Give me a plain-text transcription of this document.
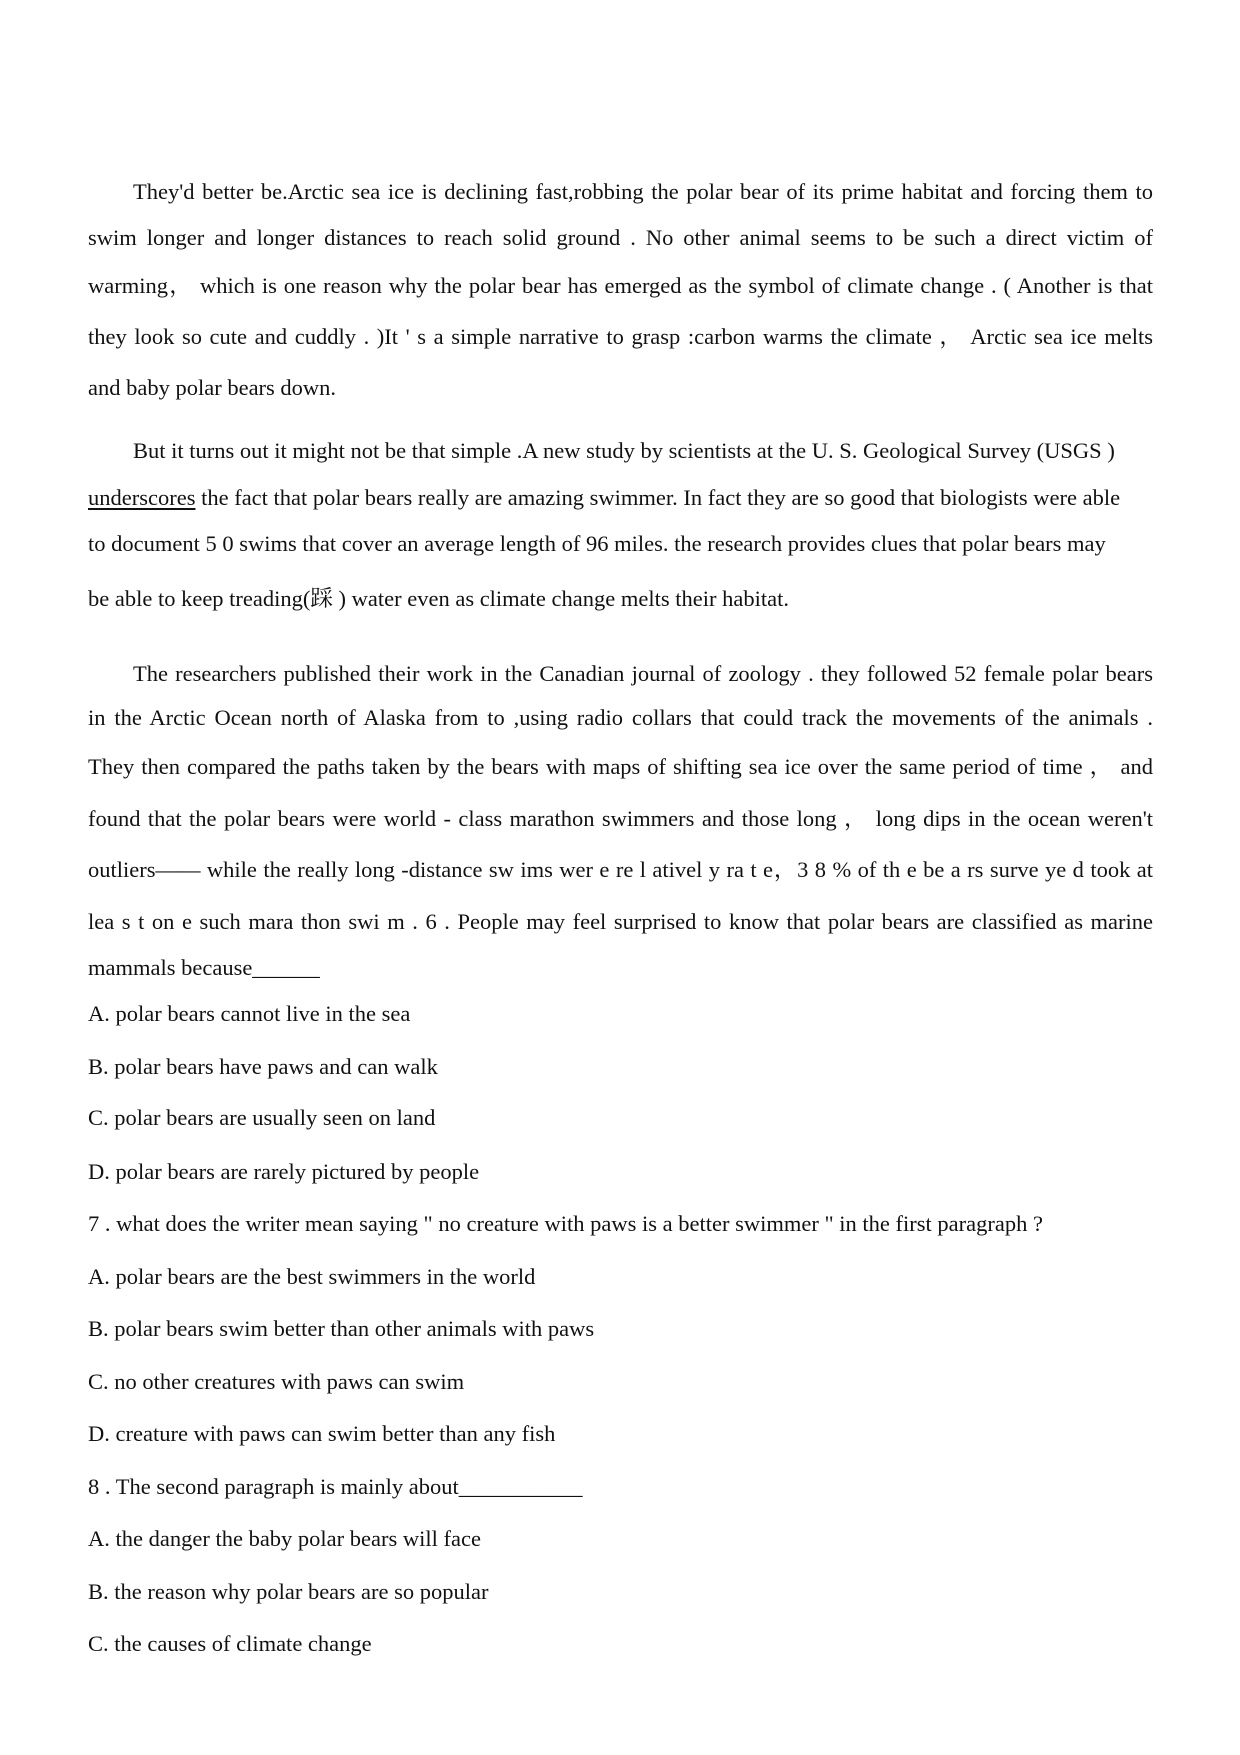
They'd better be.Arctic sea ice is declining fast,robbing the polar bear of its prime habitat and forcing them to
swim longer and longer distances to reach solid ground . No other animal seems to be such a direct victim of
warming， which is one reason why the polar bear has emerged as the symbol of climate change . ( Another is that
they look so cute and cuddly . )It ' s a simple narrative to grasp :carbon warms the climate ， Arctic sea ice melts
and baby polar bears down.
But it turns out it might not be that simple .A new study by scientists at the U. S. Geological Survey (USGS )
underscores the fact that polar bears really are amazing swimmer. In fact they are so good that biologists were able
to document 5 0 swims that cover an average length of 96 miles. the research provides clues that polar bears may
be able to keep treading(踩 ) water even as climate change melts their habitat.
The researchers published their work in the Canadian journal of zoology . they followed 52 female polar bears
in the Arctic Ocean north of Alaska from to ,using radio collars that could track the movements of the animals .
They then compared the paths taken by the bears with maps of shifting sea ice over the same period of time ， and
found that the polar bears were world - class marathon swimmers and those long ， long dips in the ocean weren't
outliers—— while the really long -distance sw ims wer e re l ativel y ra t e，3 8 % of th e be a rs surve ye d took at
lea s t on e such mara thon swi m . 6 . People may feel surprised to know that polar bears are classified as marine
mammals because______
A. polar bears cannot live in the sea
B. polar bears have paws and can walk
C. polar bears are usually seen on land
D. polar bears are rarely pictured by people
7 . what does the writer mean saying " no creature with paws is a better swimmer " in the first paragraph ?
A. polar bears are the best swimmers in the world
B. polar bears swim better than other animals with paws
C. no other creatures with paws can swim
D. creature with paws can swim better than any fish
8 . The second paragraph is mainly about___________
A. the danger the baby polar bears will face
B. the reason why polar bears are so popular
C. the causes of climate change
